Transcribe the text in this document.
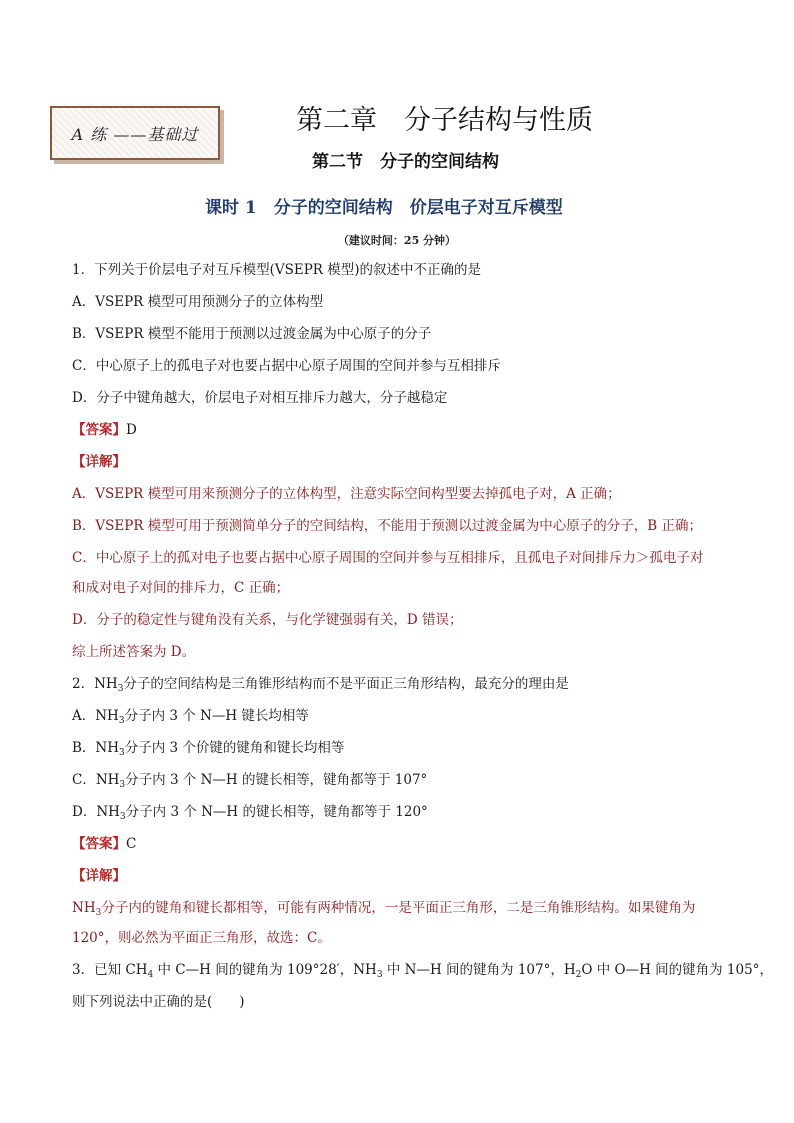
A 练 ——基础过	第二章　分子结构与性质
第二节　分子的空间结构
课时 1　分子的空间结构　价层电子对互斥模型
（建议时间：25 分钟）
1．下列关于价层电子对互斥模型(VSEPR 模型)的叙述中不正确的是
A．VSEPR 模型可用预测分子的立体构型
B．VSEPR 模型不能用于预测以过渡金属为中心原子的分子
C．中心原子上的孤电子对也要占据中心原子周围的空间并参与互相排斥
D．分子中键角越大，价层电子对相互排斥力越大，分子越稳定
【答案】D
【详解】
A．VSEPR 模型可用来预测分子的立体构型，注意实际空间构型要去掉孤电子对，A 正确；
B．VSEPR 模型可用于预测简单分子的空间结构，不能用于预测以过渡金属为中心原子的分子，B 正确；
C．中心原子上的孤对电子也要占据中心原子周围的空间并参与互相排斥，且孤电子对间排斥力＞孤电子对
和成对电子对间的排斥力，C 正确；
D．分子的稳定性与键角没有关系，与化学键强弱有关，D 错误；
综上所述答案为 D。
2．$NH_3$分子的空间结构是三角锥形结构而不是平面正三角形结构，最充分的理由是
A．$NH_3$分子内 3 个 N—H 键长均相等
B．$NH_3$分子内 3 个价键的键角和键长均相等
C．$NH_3$分子内 3 个 N—H 的键长相等，键角都等于 107°
D．$NH_3$分子内 3 个 N—H 的键长相等，键角都等于 120°
【答案】C
【详解】
$NH_3$分子内的键角和键长都相等，可能有两种情况，一是平面正三角形，二是三角锥形结构。如果键角为
120°，则必然为平面正三角形，故选：C。
3．已知 $CH_4$ 中 C—H 间的键角为 109°28′，$NH_3$ 中 N—H 间的键角为 107°，$H_2O$ 中 O—H 间的键角为 105°，
则下列说法中正确的是(　　)
